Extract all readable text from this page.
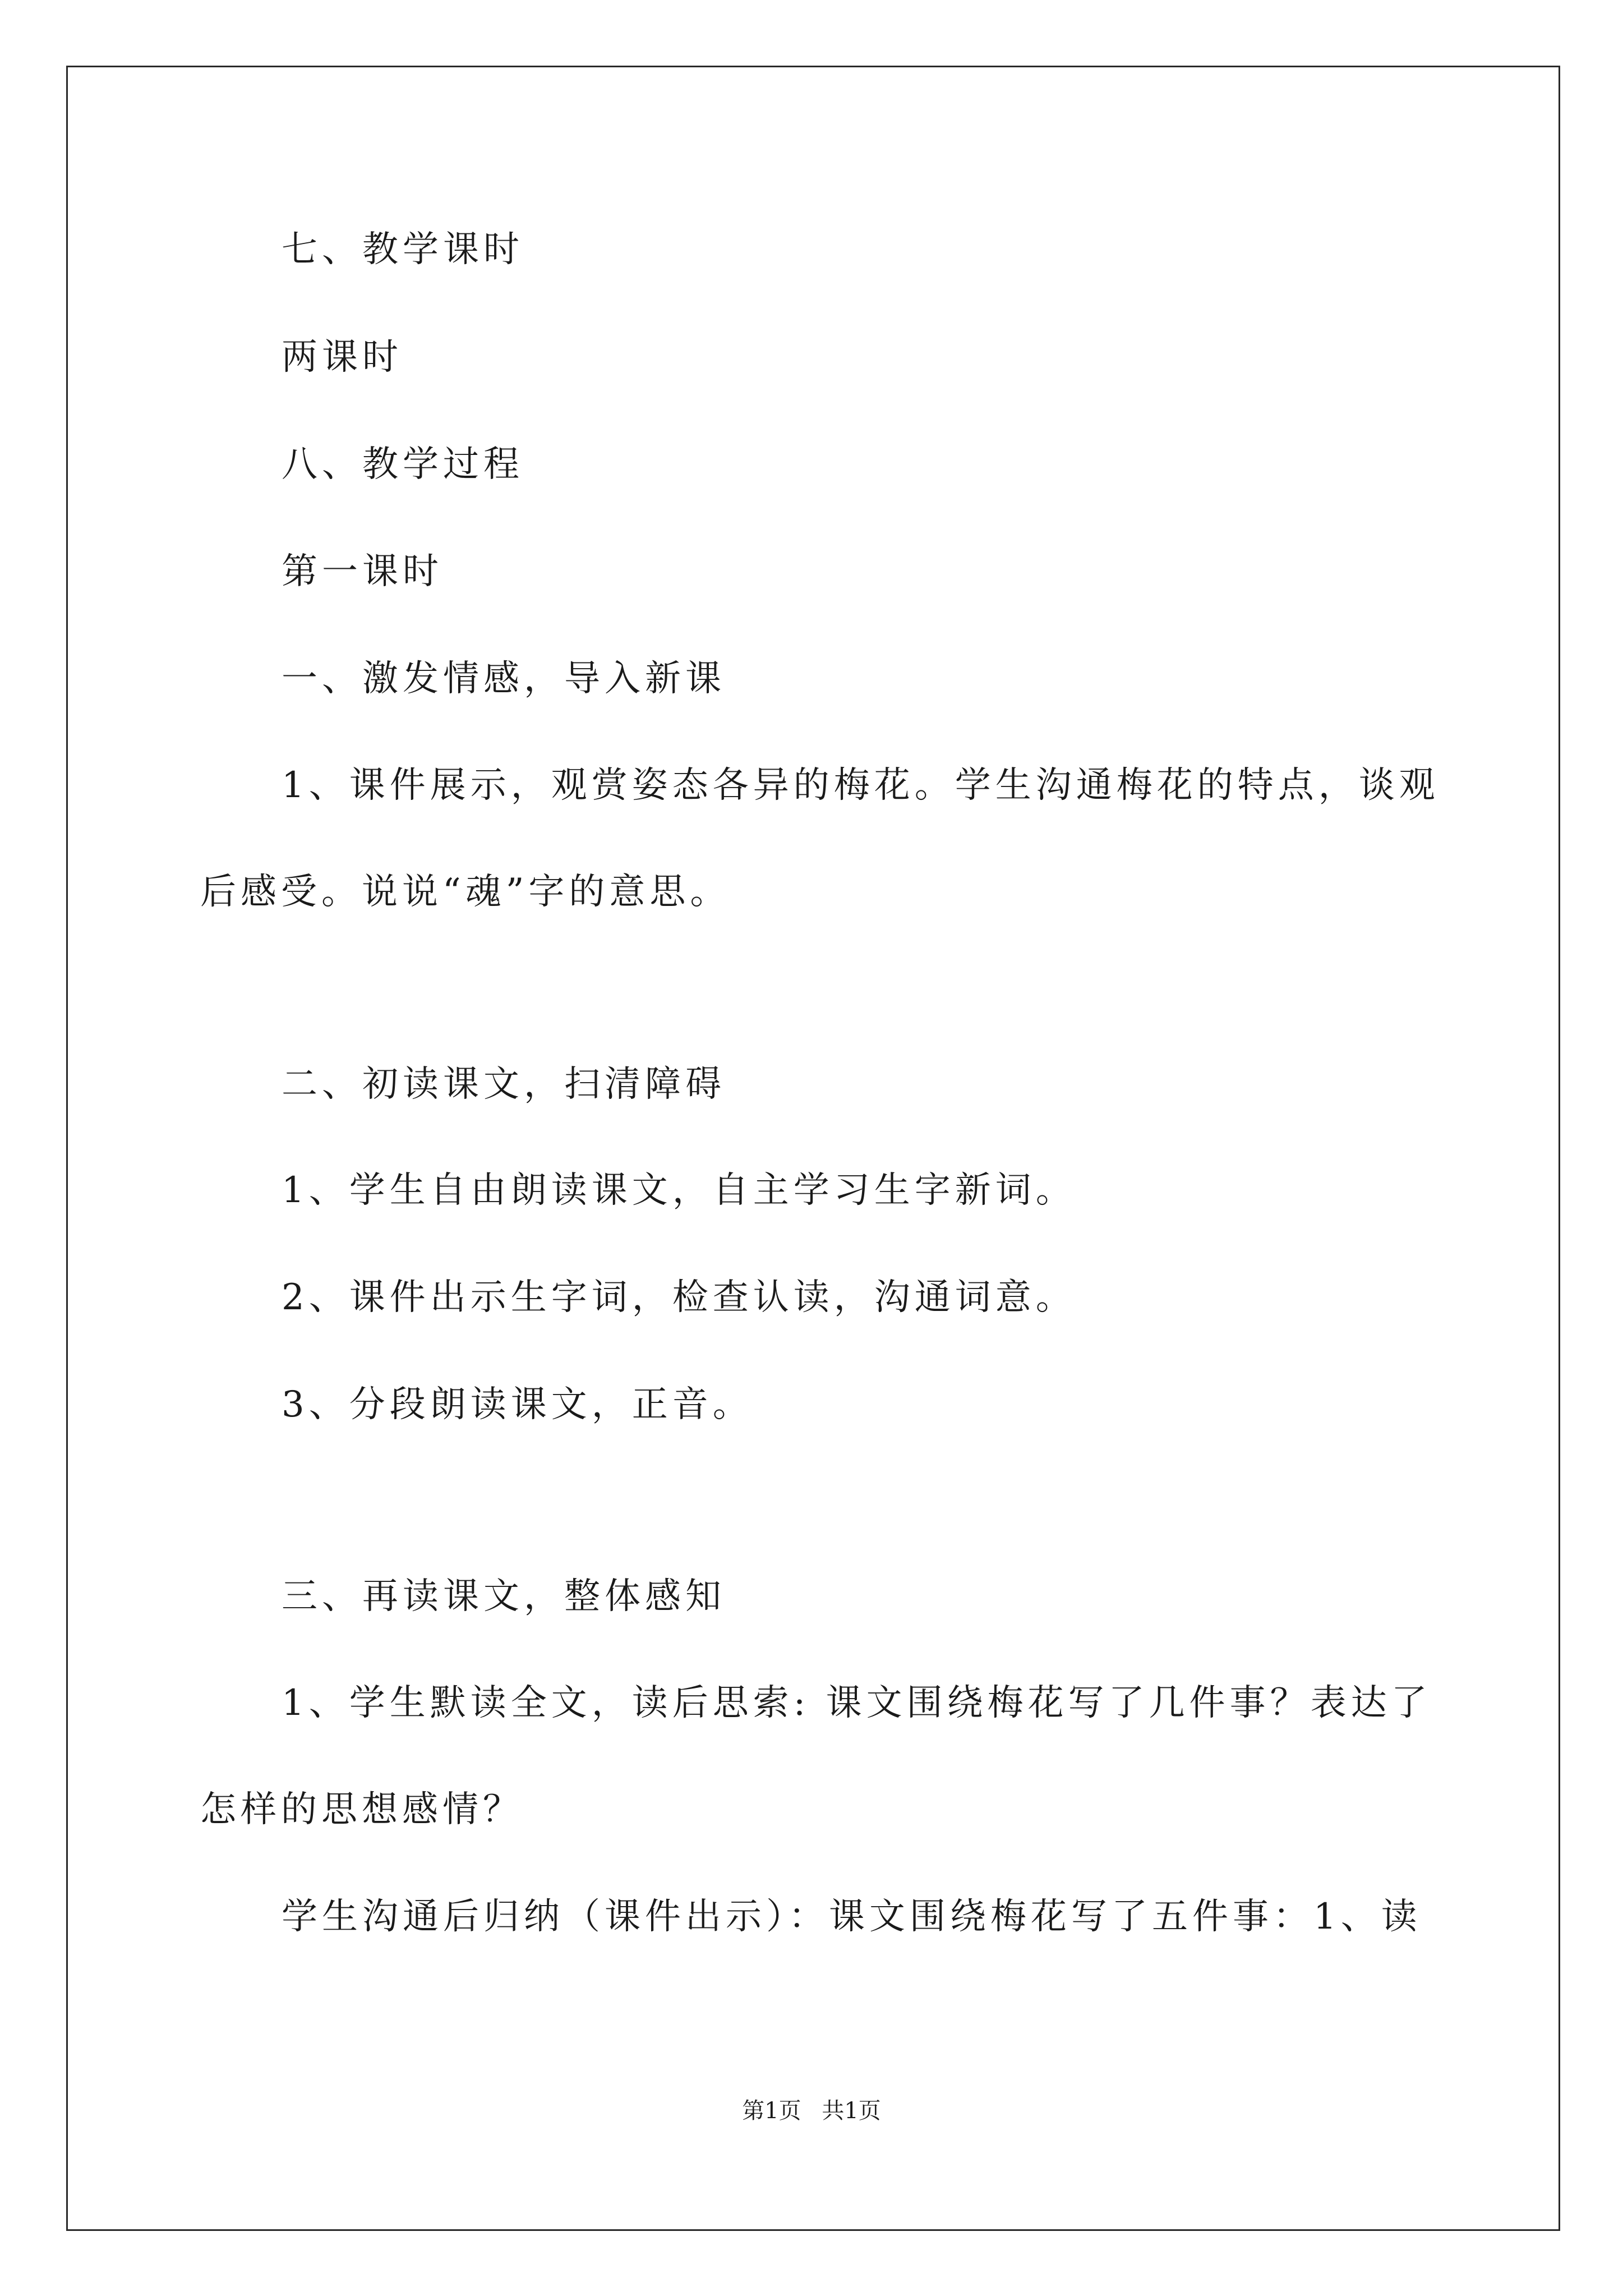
七、教学课时
两课时
八、教学过程
第一课时
一、激发情感，导入新课
1、课件展示，观赏姿态各异的梅花。学生沟通梅花的特点，谈观
后感受。说说“魂”字的意思。
二、初读课文，扫清障碍
1、学生自由朗读课文，自主学习生字新词。
2、课件出示生字词，检查认读，沟通词意。
3、分段朗读课文，正音。
三、再读课文，整体感知
1、学生默读全文，读后思索: 课文围绕梅花写了几件事？表达了
怎样的思想感情？
学生沟通后归纳（课件出示）：课文围绕梅花写了五件事：1、读
第1页 共1页
